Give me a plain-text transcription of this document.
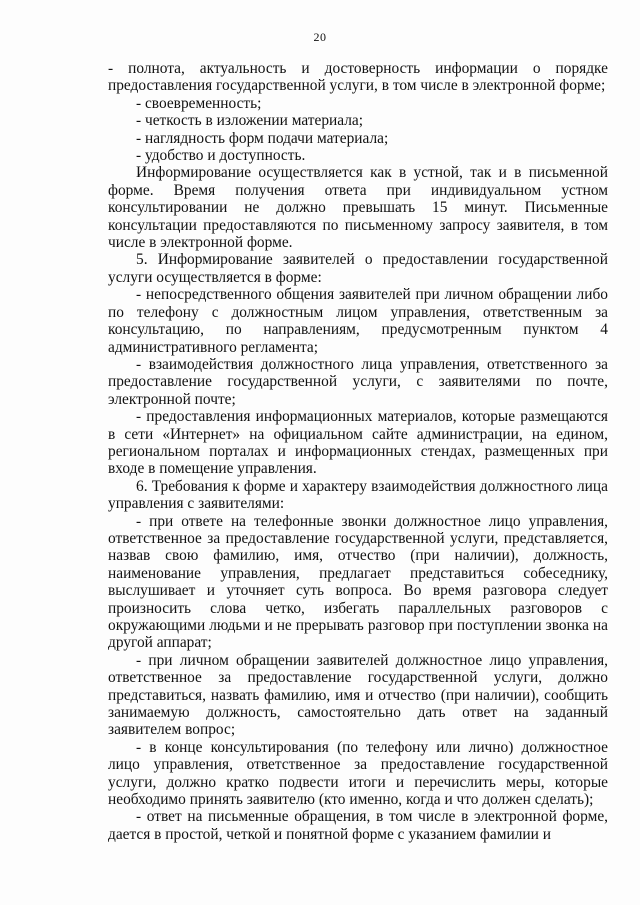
20

- полнота, актуальность и достоверность информации о порядке предоставления государственной услуги, в том числе в электронной форме;

- своевременность;

- четкость в изложении материала;

- наглядность форм подачи материала;

- удобство и доступность.

Информирование осуществляется как в устной, так и в письменной форме. Время получения ответа при индивидуальном устном консультировании не должно превышать 15 минут. Письменные консультации предоставляются по письменному запросу заявителя, в том числе в электронной форме.

5. Информирование заявителей о предоставлении государственной услуги осуществляется в форме:

- непосредственного общения заявителей при личном обращении либо по телефону с должностным лицом управления, ответственным за консультацию, по направлениям, предусмотренным пунктом 4 административного регламента;

- взаимодействия должностного лица управления, ответственного за предоставление государственной услуги, с заявителями по почте, электронной почте;

- предоставления информационных материалов, которые размещаются в сети «Интернет» на официальном сайте администрации, на едином, региональном порталах и информационных стендах, размещенных при входе в помещение управления.

6. Требования к форме и характеру взаимодействия должностного лица управления с заявителями:

- при ответе на телефонные звонки должностное лицо управления, ответственное за предоставление государственной услуги, представляется, назвав свою фамилию, имя, отчество (при наличии), должность, наименование управления, предлагает представиться собеседнику, выслушивает и уточняет суть вопроса. Во время разговора следует произносить слова четко, избегать параллельных разговоров с окружающими людьми и не прерывать разговор при поступлении звонка на другой аппарат;

- при личном обращении заявителей должностное лицо управления, ответственное за предоставление государственной услуги, должно представиться, назвать фамилию, имя и отчество (при наличии), сообщить занимаемую должность, самостоятельно дать ответ на заданный заявителем вопрос;

- в конце консультирования (по телефону или лично) должностное лицо управления, ответственное за предоставление государственной услуги, должно кратко подвести итоги и перечислить меры, которые необходимо принять заявителю (кто именно, когда и что должен сделать);

- ответ на письменные обращения, в том числе в электронной форме, дается в простой, четкой и понятной форме с указанием фамилии и
